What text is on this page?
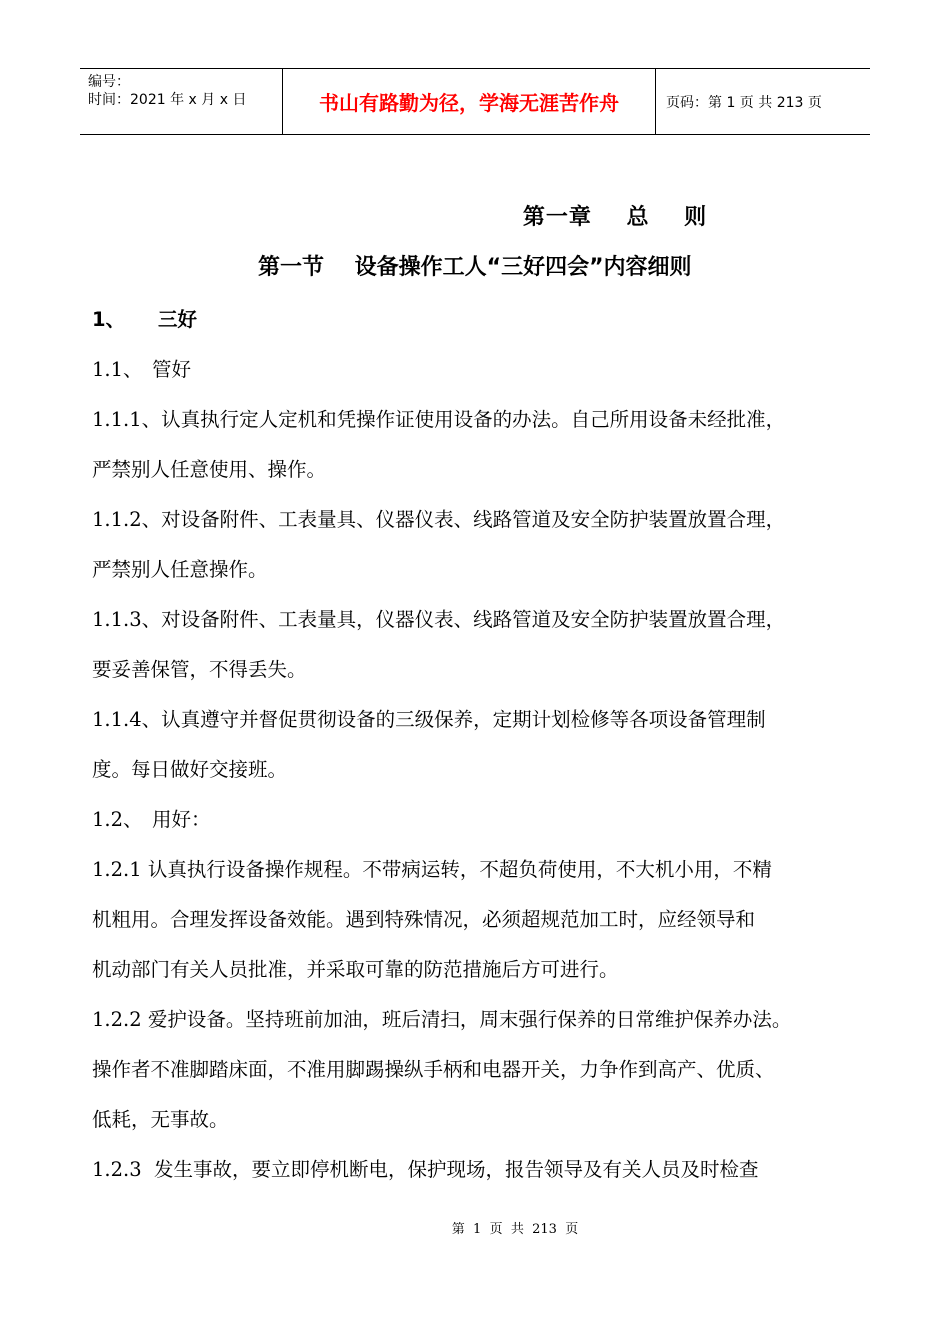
编号：
时间：2021 年 x 月 x 日	书山有路勤为径，学海无涯苦作舟	页码：第 1 页 共 213 页
第一章    总    则
第一节    设备操作工人“三好四会”内容细则

1、 三好

1.1、 管好

1.1.1、认真执行定人定机和凭操作证使用设备的办法。自己所用设备未经批准，

严禁别人任意使用、操作。

1.1.2、对设备附件、工表量具、仪器仪表、线路管道及安全防护装置放置合理，

严禁别人任意操作。

1.1.3、对设备附件、工表量具，仪器仪表、线路管道及安全防护装置放置合理，

要妥善保管，不得丢失。

1.1.4、认真遵守并督促贯彻设备的三级保养，定期计划检修等各项设备管理制

度。每日做好交接班。

1.2、 用好：

1.2.1 认真执行设备操作规程。不带病运转，不超负荷使用，不大机小用，不精

机粗用。合理发挥设备效能。遇到特殊情况，必须超规范加工时，应经领导和

机动部门有关人员批准，并采取可靠的防范措施后方可进行。

1.2.2 爱护设备。坚持班前加油，班后清扫，周末强行保养的日常维护保养办法。

操作者不准脚踏床面，不准用脚踢操纵手柄和电器开关，力争作到高产、优质、

低耗，无事故。

1.2.3  发生事故，要立即停机断电，保护现场，报告领导及有关人员及时检查

第  1  页  共  213  页
